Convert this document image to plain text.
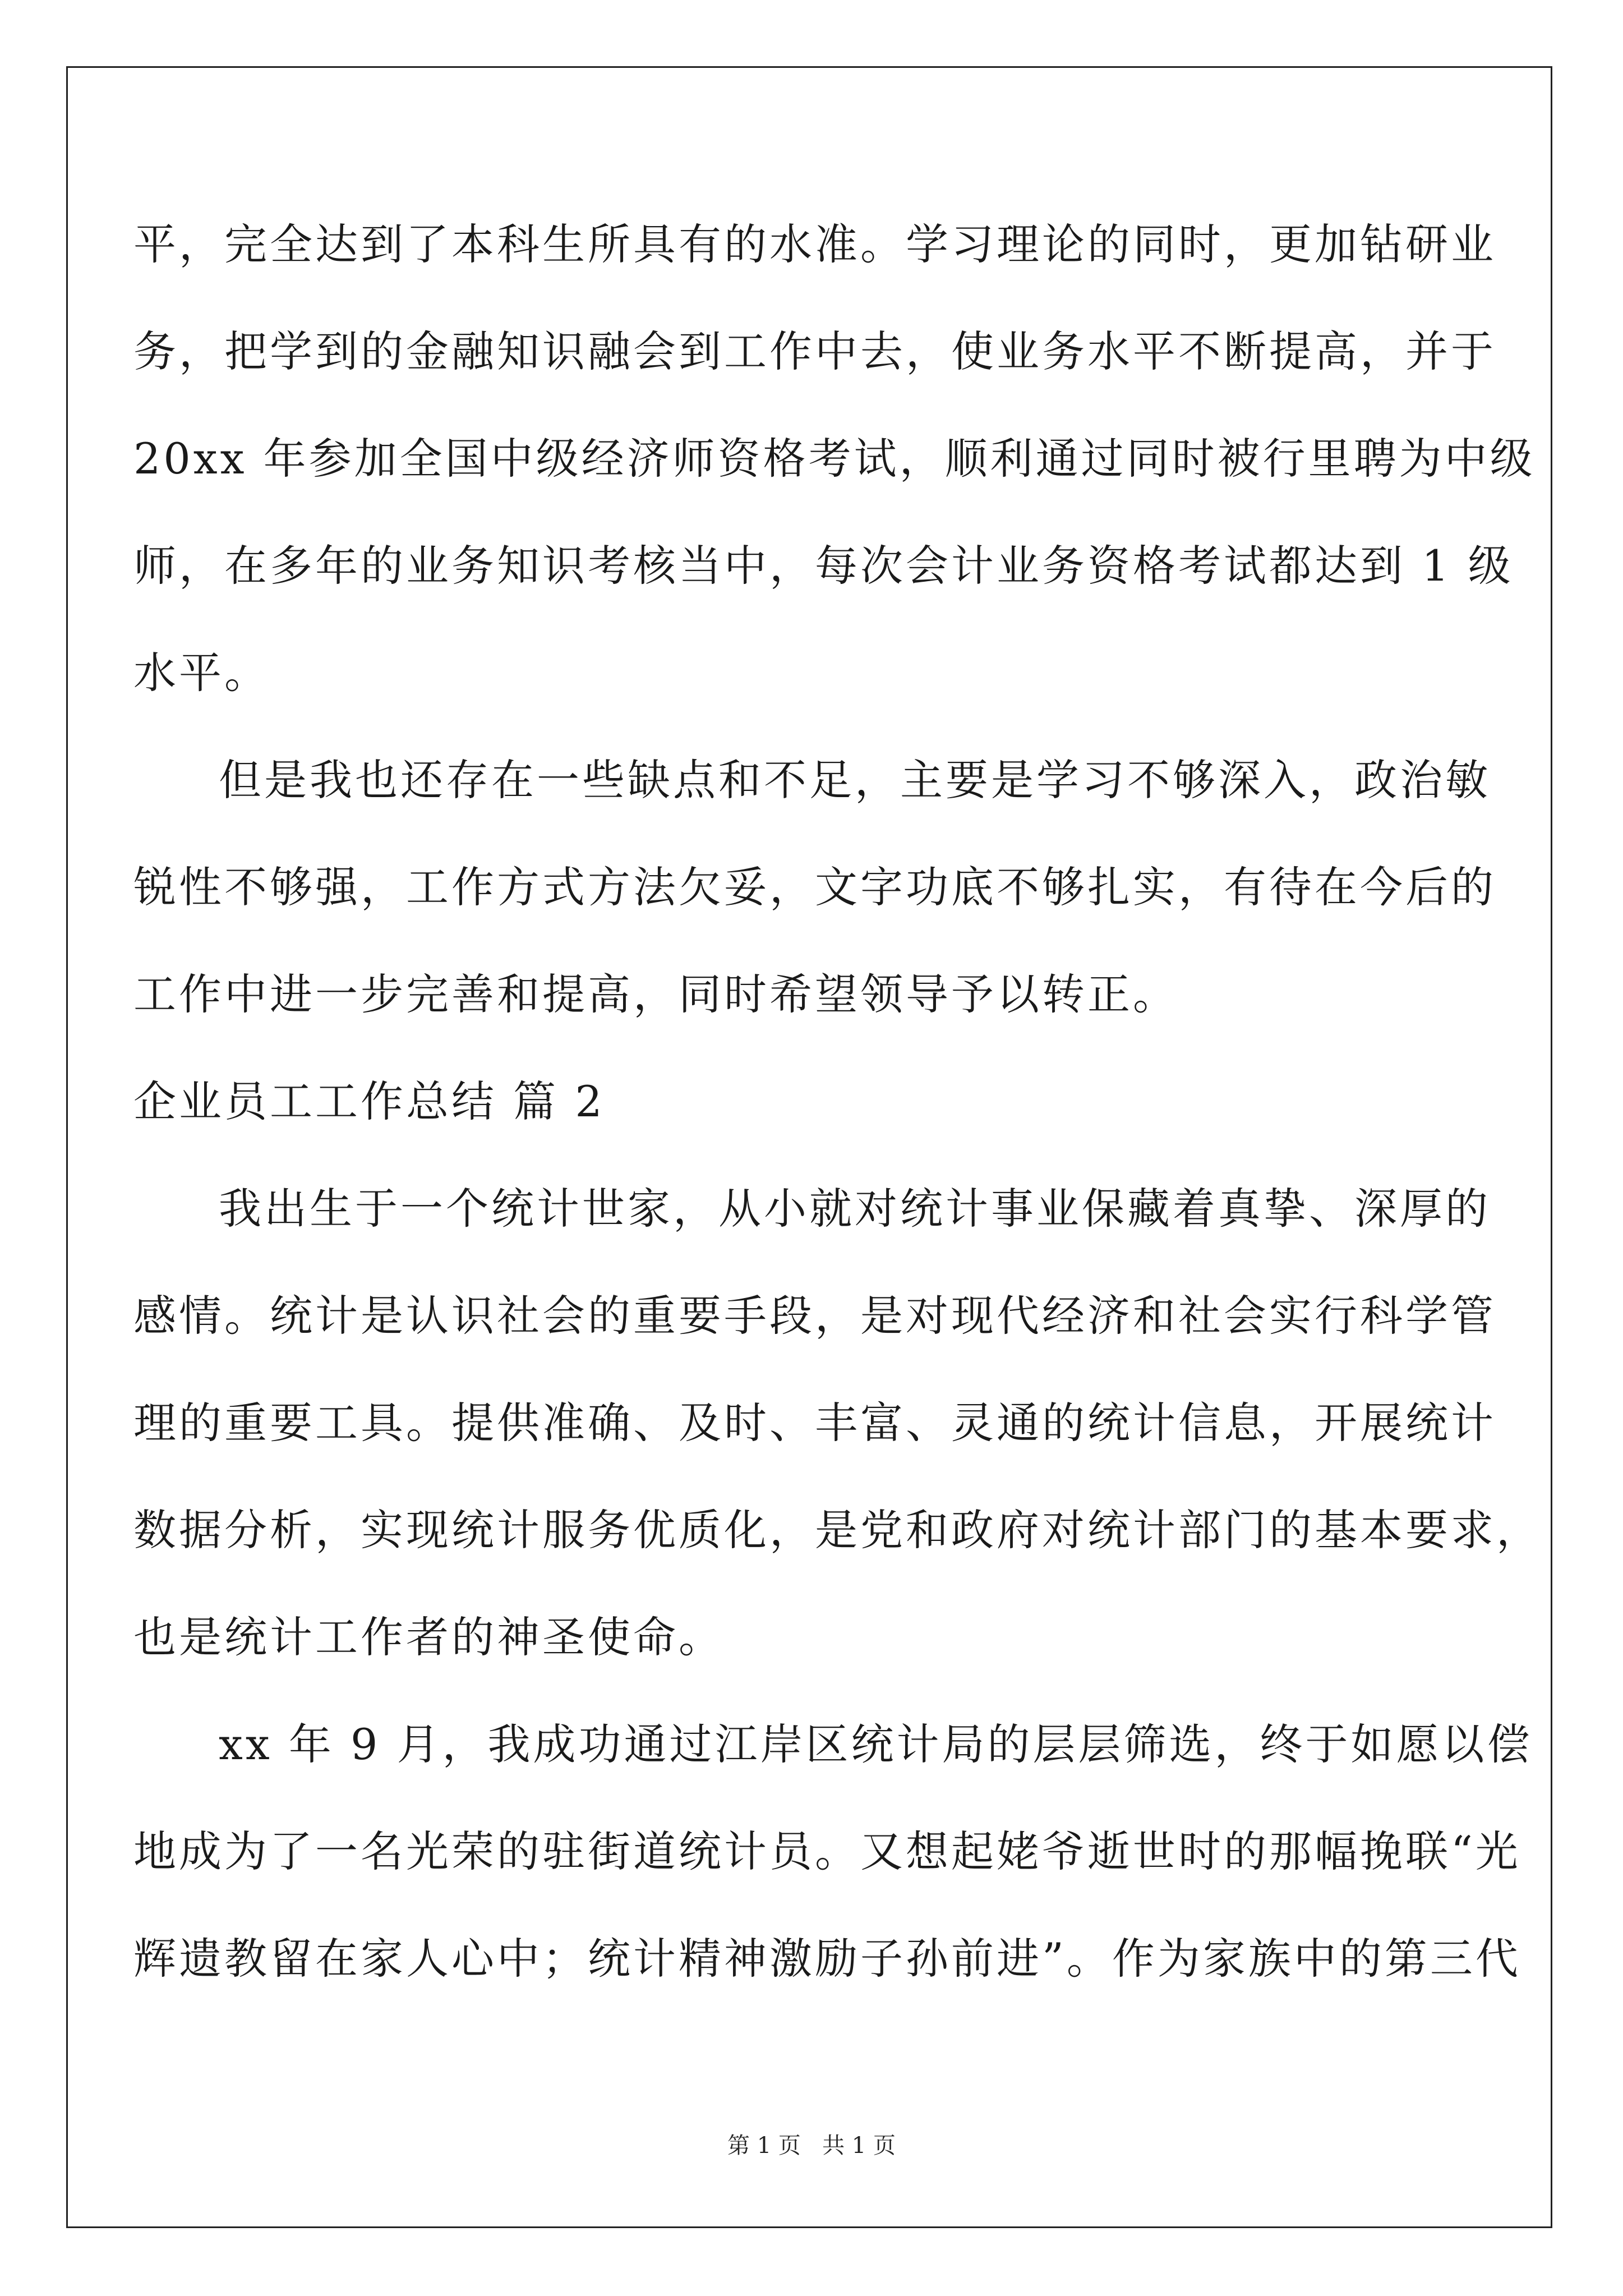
平，完全达到了本科生所具有的水准。学习理论的同时，更加钻研业
务，把学到的金融知识融会到工作中去，使业务水平不断提高，并于
20xx 年参加全国中级经济师资格考试，顺利通过同时被行里聘为中级
师，在多年的业务知识考核当中，每次会计业务资格考试都达到 1 级
水平。
但是我也还存在一些缺点和不足，主要是学习不够深入，政治敏
锐性不够强，工作方式方法欠妥，文字功底不够扎实，有待在今后的
工作中进一步完善和提高，同时希望领导予以转正。
企业员工工作总结 篇 2
我出生于一个统计世家，从小就对统计事业保藏着真挚、深厚的
感情。统计是认识社会的重要手段，是对现代经济和社会实行科学管
理的重要工具。提供准确、及时、丰富、灵通的统计信息，开展统计
数据分析，实现统计服务优质化，是党和政府对统计部门的基本要求，
也是统计工作者的神圣使命。
xx 年 9 月，我成功通过江岸区统计局的层层筛选，终于如愿以偿
地成为了一名光荣的驻街道统计员。又想起姥爷逝世时的那幅挽联“光
辉遗教留在家人心中；统计精神激励子孙前进”。作为家族中的第三代
第 1 页   共 1 页
